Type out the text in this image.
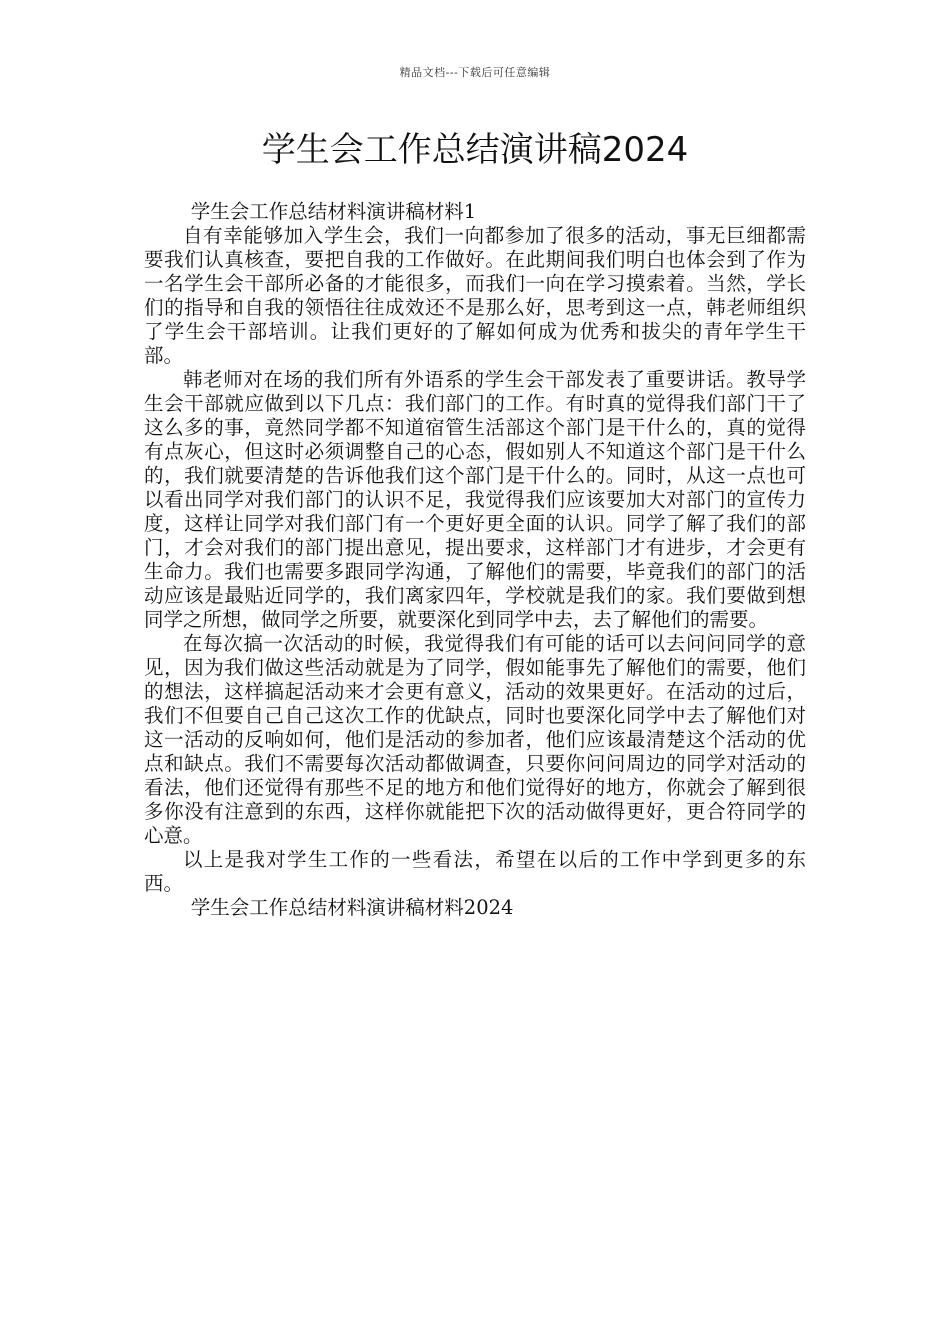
精品文档---下载后可任意编辑
学生会工作总结演讲稿2024

学生会工作总结材料演讲稿材料1

自有幸能够加入学生会，我们一向都参加了很多的活动，事无巨细都需要我们认真核查，要把自我的工作做好。在此期间我们明白也体会到了作为一名学生会干部所必备的才能很多，而我们一向在学习摸索着。当然，学长们的指导和自我的领悟往往成效还不是那么好，思考到这一点，韩老师组织了学生会干部培训。让我们更好的了解如何成为优秀和拔尖的青年学生干部。

韩老师对在场的我们所有外语系的学生会干部发表了重要讲话。教导学生会干部就应做到以下几点：我们部门的工作。有时真的觉得我们部门干了这么多的事，竟然同学都不知道宿管生活部这个部门是干什么的，真的觉得有点灰心，但这时必须调整自己的心态，假如别人不知道这个部门是干什么的，我们就要清楚的告诉他我们这个部门是干什么的。同时，从这一点也可以看出同学对我们部门的认识不足，我觉得我们应该要加大对部门的宣传力度，这样让同学对我们部门有一个更好更全面的认识。同学了解了我们的部门，才会对我们的部门提出意见，提出要求，这样部门才有进步，才会更有生命力。我们也需要多跟同学沟通，了解他们的需要，毕竟我们的部门的活动应该是最贴近同学的，我们离家四年，学校就是我们的家。我们要做到想同学之所想，做同学之所要，就要深化到同学中去，去了解他们的需要。

在每次搞一次活动的时候，我觉得我们有可能的话可以去问问同学的意见，因为我们做这些活动就是为了同学，假如能事先了解他们的需要，他们的想法，这样搞起活动来才会更有意义，活动的效果更好。在活动的过后，我们不但要自己自己这次工作的优缺点，同时也要深化同学中去了解他们对这一活动的反响如何，他们是活动的参加者，他们应该最清楚这个活动的优点和缺点。我们不需要每次活动都做调查，只要你问问周边的同学对活动的看法，他们还觉得有那些不足的地方和他们觉得好的地方，你就会了解到很多你没有注意到的东西，这样你就能把下次的活动做得更好，更合符同学的心意。

以上是我对学生工作的一些看法，希望在以后的工作中学到更多的东西。

学生会工作总结材料演讲稿材料2024
